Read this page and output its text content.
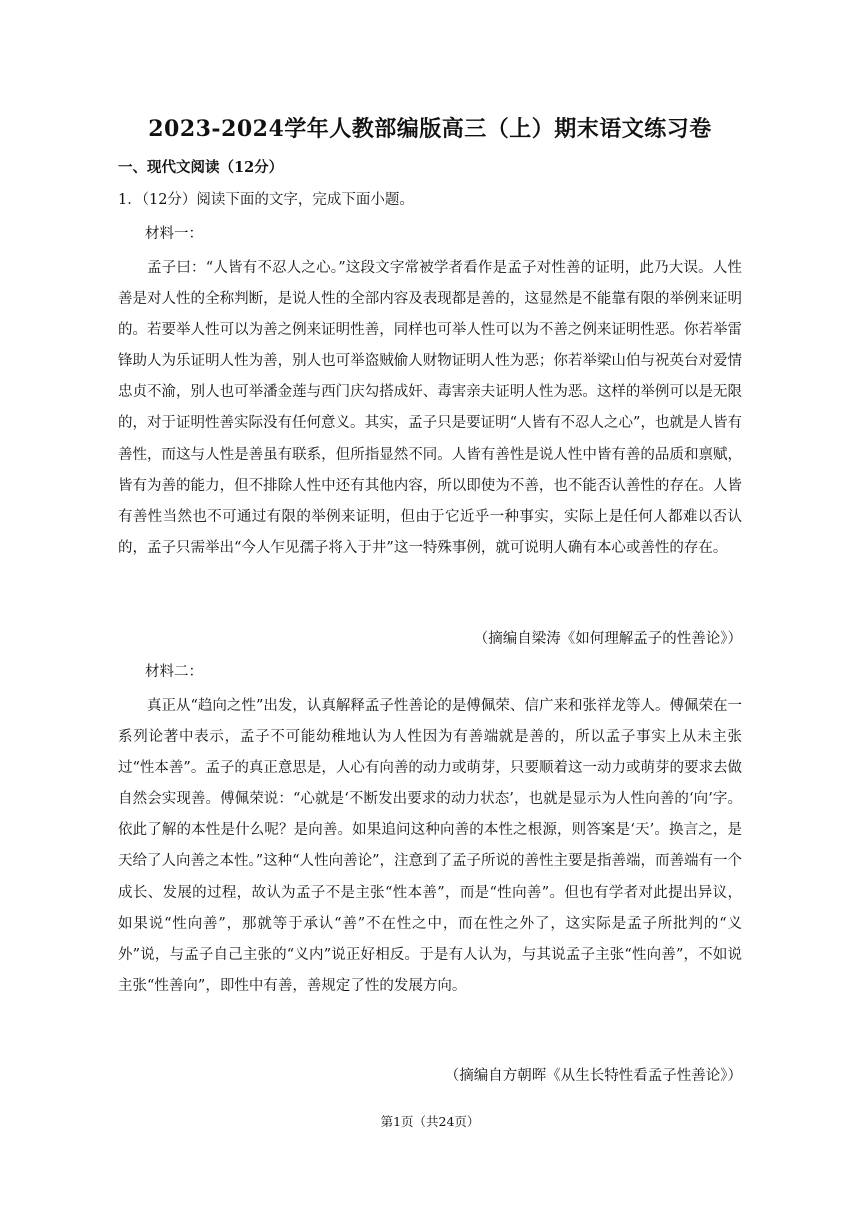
2023-2024学年人教部编版高三（上）期末语文练习卷
一、现代文阅读（12分）
1．（12分）阅读下面的文字，完成下面小题。
材料一：

孟子曰：“人皆有不忍人之心。”这段文字常被学者看作是孟子对性善的证明，此乃大误。人性善是对人性的全称判断，是说人性的全部内容及表现都是善的，这显然是不能靠有限的举例来证明的。若要举人性可以为善之例来证明性善，同样也可举人性可以为不善之例来证明性恶。你若举雷锋助人为乐证明人性为善，别人也可举盗贼偷人财物证明人性为恶；你若举梁山伯与祝英台对爱情忠贞不渝，别人也可举潘金莲与西门庆勾搭成奸、毒害亲夫证明人性为恶。这样的举例可以是无限的，对于证明性善实际没有任何意义。其实，孟子只是要证明“人皆有不忍人之心”，也就是人皆有善性，而这与人性是善虽有联系，但所指显然不同。人皆有善性是说人性中皆有善的品质和禀赋，皆有为善的能力，但不排除人性中还有其他内容，所以即使为不善，也不能否认善性的存在。人皆有善性当然也不可通过有限的举例来证明，但由于它近乎一种事实，实际上是任何人都难以否认的，孟子只需举出“今人乍见孺子将入于井”这一特殊事例，就可说明人确有本心或善性的存在。

（摘编自梁涛《如何理解孟子的性善论》）
材料二：

真正从“趋向之性”出发，认真解释孟子性善论的是傅佩荣、信广来和张祥龙等人。傅佩荣在一系列论著中表示，孟子不可能幼稚地认为人性因为有善端就是善的，所以孟子事实上从未主张过“性本善”。孟子的真正意思是，人心有向善的动力或萌芽，只要顺着这一动力或萌芽的要求去做自然会实现善。傅佩荣说：“心就是‘不断发出要求的动力状态’，也就是显示为人性向善的‘向’字。依此了解的本性是什么呢？是向善。如果追问这种向善的本性之根源，则答案是‘天’。换言之，是天给了人向善之本性。”这种“人性向善论”，注意到了孟子所说的善性主要是指善端，而善端有一个成长、发展的过程，故认为孟子不是主张“性本善”，而是“性向善”。但也有学者对此提出异议，如果说“性向善”，那就等于承认“善”不在性之中，而在性之外了，这实际是孟子所批判的“义外”说，与孟子自己主张的“义内”说正好相反。于是有人认为，与其说孟子主张“性向善”，不如说主张“性善向”，即性中有善，善规定了性的发展方向。

（摘编自方朝晖《从生长特性看孟子性善论》）
第1页（共24页）
